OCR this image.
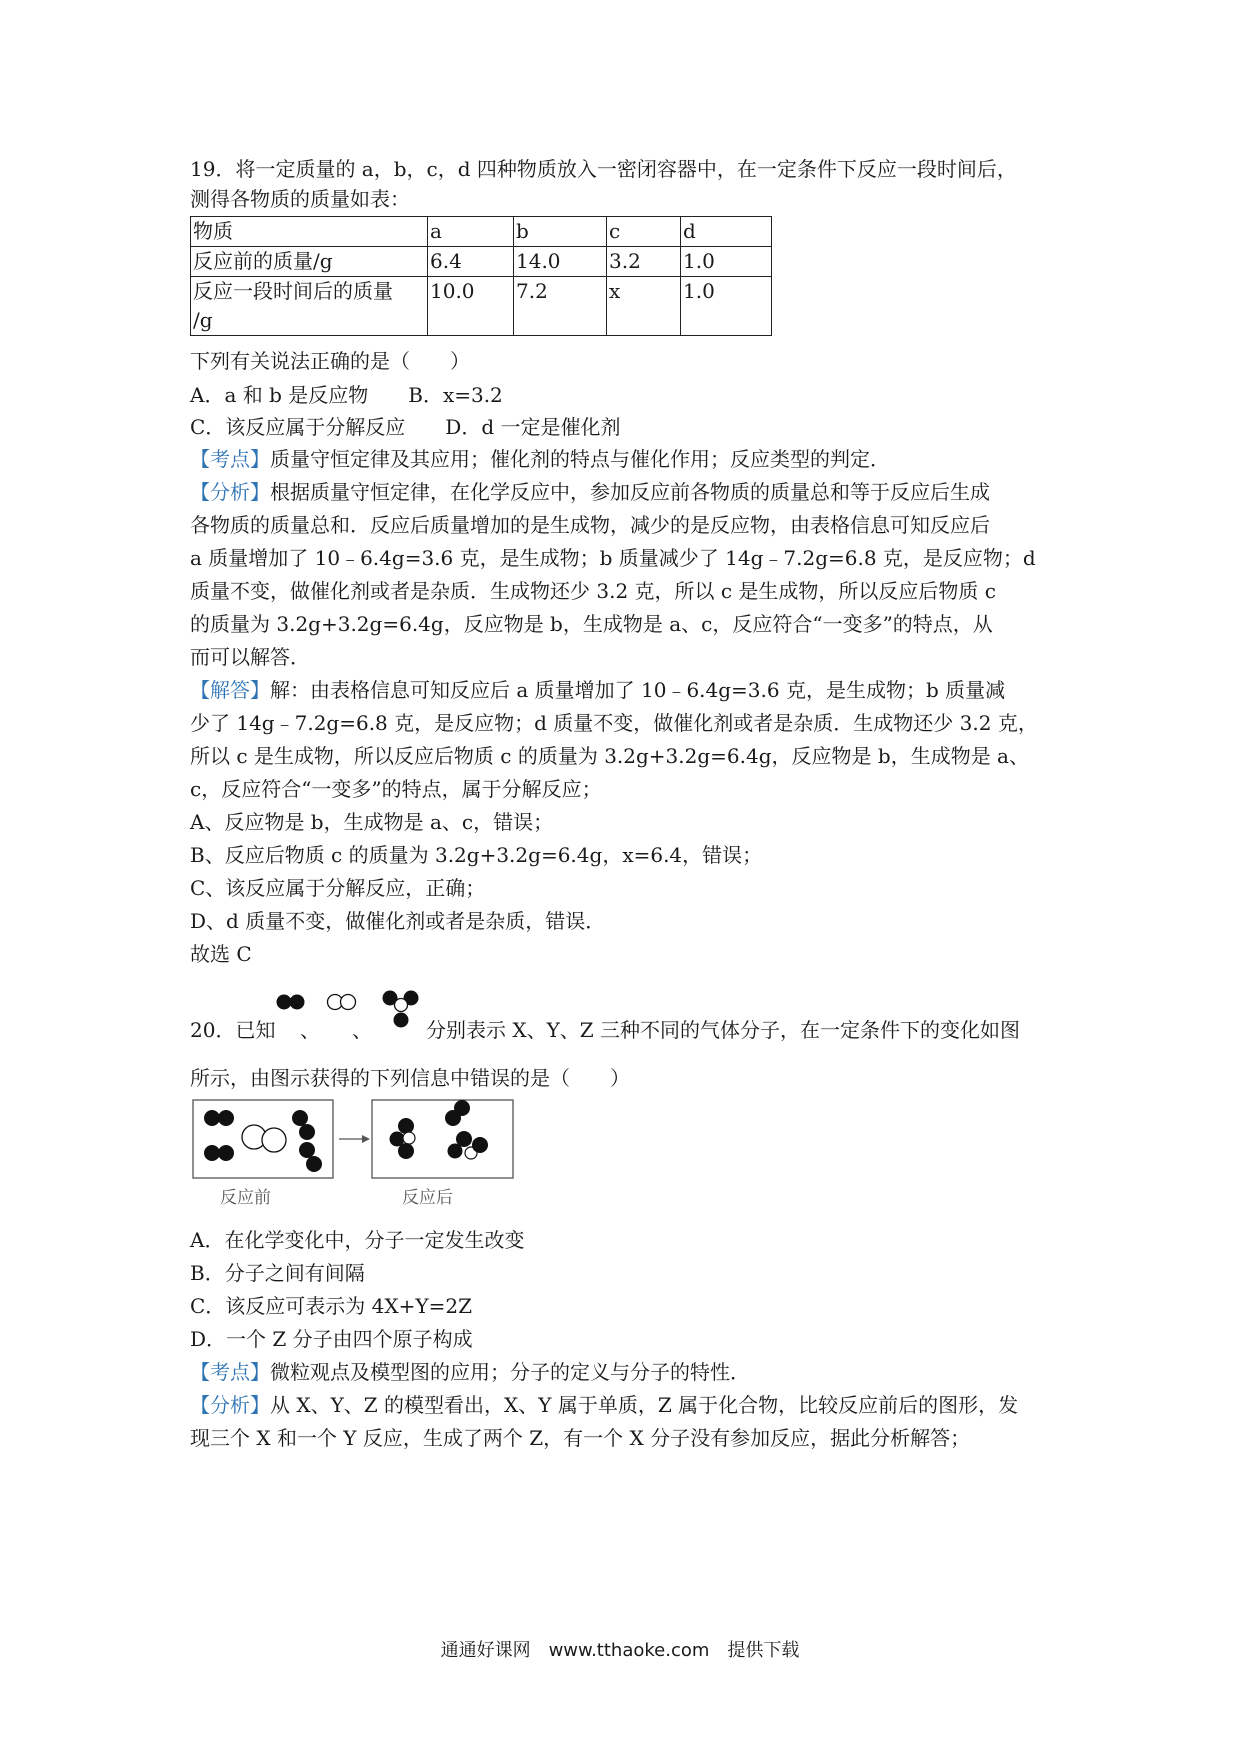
19．将一定质量的 a，b，c，d 四种物质放入一密闭容器中，在一定条件下反应一段时间后，
测得各物质的质量如表：
物质	a	b	c	d
反应前的质量/g	6.4	14.0	3.2	1.0

反应一段时间后的质量
/g	10.0	7.2	x	1.0
下列有关说法正确的是（　　）
A．a 和 b 是反应物　　B．x=3.2
C．该反应属于分解反应　　D．d 一定是催化剂
【考点】质量守恒定律及其应用；催化剂的特点与催化作用；反应类型的判定．
【分析】根据质量守恒定律，在化学反应中，参加反应前各物质的质量总和等于反应后生成
各物质的质量总和．反应后质量增加的是生成物，减少的是反应物，由表格信息可知反应后
a 质量增加了 10﹣6.4g=3.6 克，是生成物；b 质量减少了 14g﹣7.2g=6.8 克，是反应物；d
质量不变，做催化剂或者是杂质．生成物还少 3.2 克，所以 c 是生成物，所以反应后物质 c
的质量为 3.2g+3.2g=6.4g，反应物是 b，生成物是 a、c，反应符合“一变多”的特点，从
而可以解答．
【解答】解：由表格信息可知反应后 a 质量增加了 10﹣6.4g=3.6 克，是生成物；b 质量减
少了 14g﹣7.2g=6.8 克，是反应物；d 质量不变，做催化剂或者是杂质．生成物还少 3.2 克，
所以 c 是生成物，所以反应后物质 c 的质量为 3.2g+3.2g=6.4g，反应物是 b，生成物是 a、
c，反应符合“一变多”的特点，属于分解反应；
A、反应物是 b，生成物是 a、c，错误；
B、反应后物质 c 的质量为 3.2g+3.2g=6.4g，x=6.4，错误；
C、该反应属于分解反应，正确；
D、d 质量不变，做催化剂或者是杂质，错误．
故选 C
20．已知	、 、	分别表示 X、Y、Z 三种不同的气体分子，在一定条件下的变化如图
所示，由图示获得的下列信息中错误的是（　　）
反应前	反应后
A．在化学变化中，分子一定发生改变
B．分子之间有间隔
C．该反应可表示为 4X+Y=2Z
D．一个 Z 分子由四个原子构成
【考点】微粒观点及模型图的应用；分子的定义与分子的特性．
【分析】从 X、Y、Z 的模型看出，X、Y 属于单质，Z 属于化合物，比较反应前后的图形，发
现三个 X 和一个 Y 反应，生成了两个 Z，有一个 X 分子没有参加反应，据此分析解答；
通通好课网　www.tthaoke.com　提供下载
